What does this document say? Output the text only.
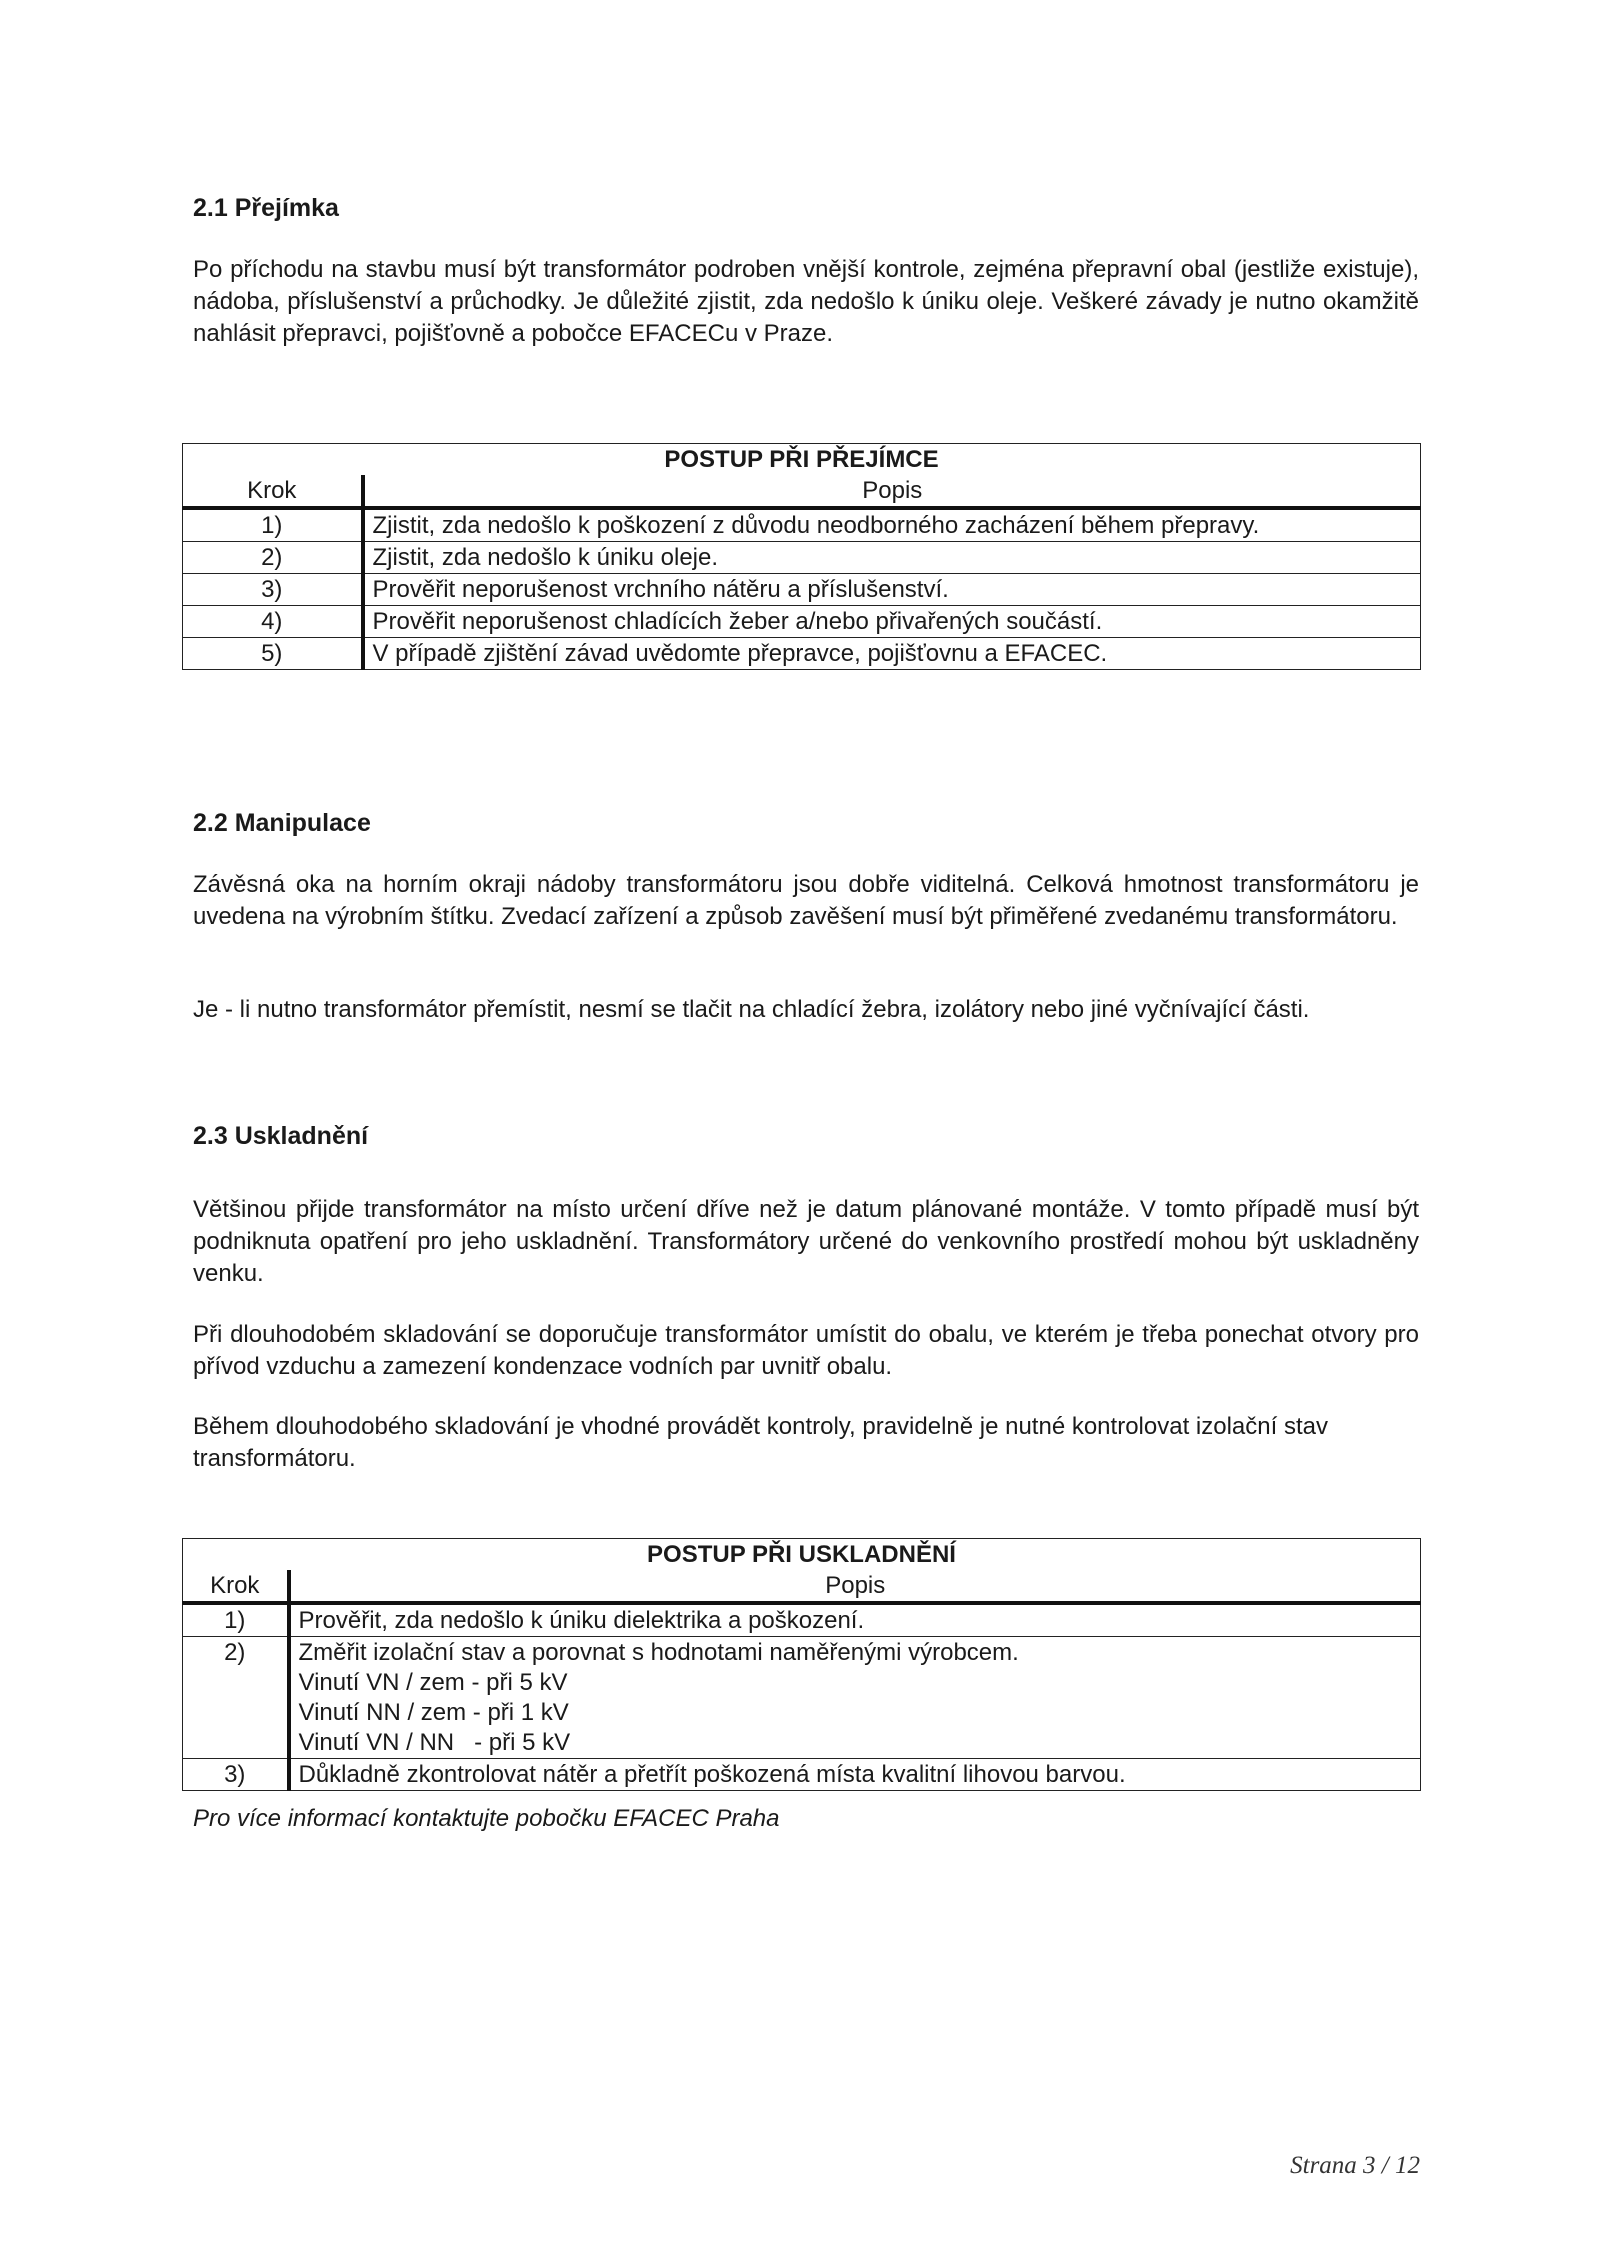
2.1 Přejímka

Po příchodu na stavbu musí být transformátor podroben vnější kontrole, zejména přepravní obal (jestliže existuje), nádoba, příslušenství a průchodky. Je důležité zjistit, zda nedošlo k úniku oleje. Veškeré závady je nutno okamžitě nahlásit přepravci, pojišťovně a pobočce EFACECu v Praze.

POSTUP PŘI PŘEJÍMCE	
Krok	Popis
1)	Zjistit, zda nedošlo k poškození z důvodu neodborného zacházení během přepravy.
2)	Zjistit, zda nedošlo k úniku oleje.
3)	Prověřit neporušenost vrchního nátěru a příslušenství.
4)	Prověřit neporušenost chladících žeber a/nebo přivařených součástí.
5)	V případě zjištění závad uvědomte přepravce, pojišťovnu a EFACEC.
2.2 Manipulace

Závěsná oka na horním okraji nádoby transformátoru jsou dobře viditelná. Celková hmotnost transformátoru je uvedena na výrobním štítku. Zvedací zařízení a způsob zavěšení musí být přiměřené zvedanému transformátoru.

Je - li nutno transformátor přemístit, nesmí se tlačit na chladící žebra, izolátory nebo jiné vyčnívající části.

2.3 Uskladnění

Většinou přijde transformátor na místo určení dříve než je datum plánované montáže. V tomto případě musí být podniknuta opatření pro jeho uskladnění. Transformátory určené do venkovního prostředí mohou být uskladněny venku.

Při dlouhodobém skladování se doporučuje transformátor umístit do obalu, ve kterém je třeba ponechat otvory pro přívod vzduchu a zamezení kondenzace vodních par uvnitř obalu.

Během dlouhodobého skladování je vhodné provádět kontroly, pravidelně je nutné kontrolovat izolační stav transformátoru.

POSTUP PŘI USKLADNĚNÍ	
Krok	Popis
1)	Prověřit, zda nedošlo k úniku dielektrika a poškození.

2)	Změřit izolační stav a porovnat s hodnotami naměřenými výrobcem.
Vinutí VN / zem - při 5 kV
Vinutí NN / zem - při 1 kV
Vinutí VN / NN   - při 5 kV

3)	Důkladně zkontrolovat nátěr a přetřít poškozená místa kvalitní lihovou barvou.

Pro více informací kontaktujte pobočku EFACEC Praha

Strana 3 / 12
